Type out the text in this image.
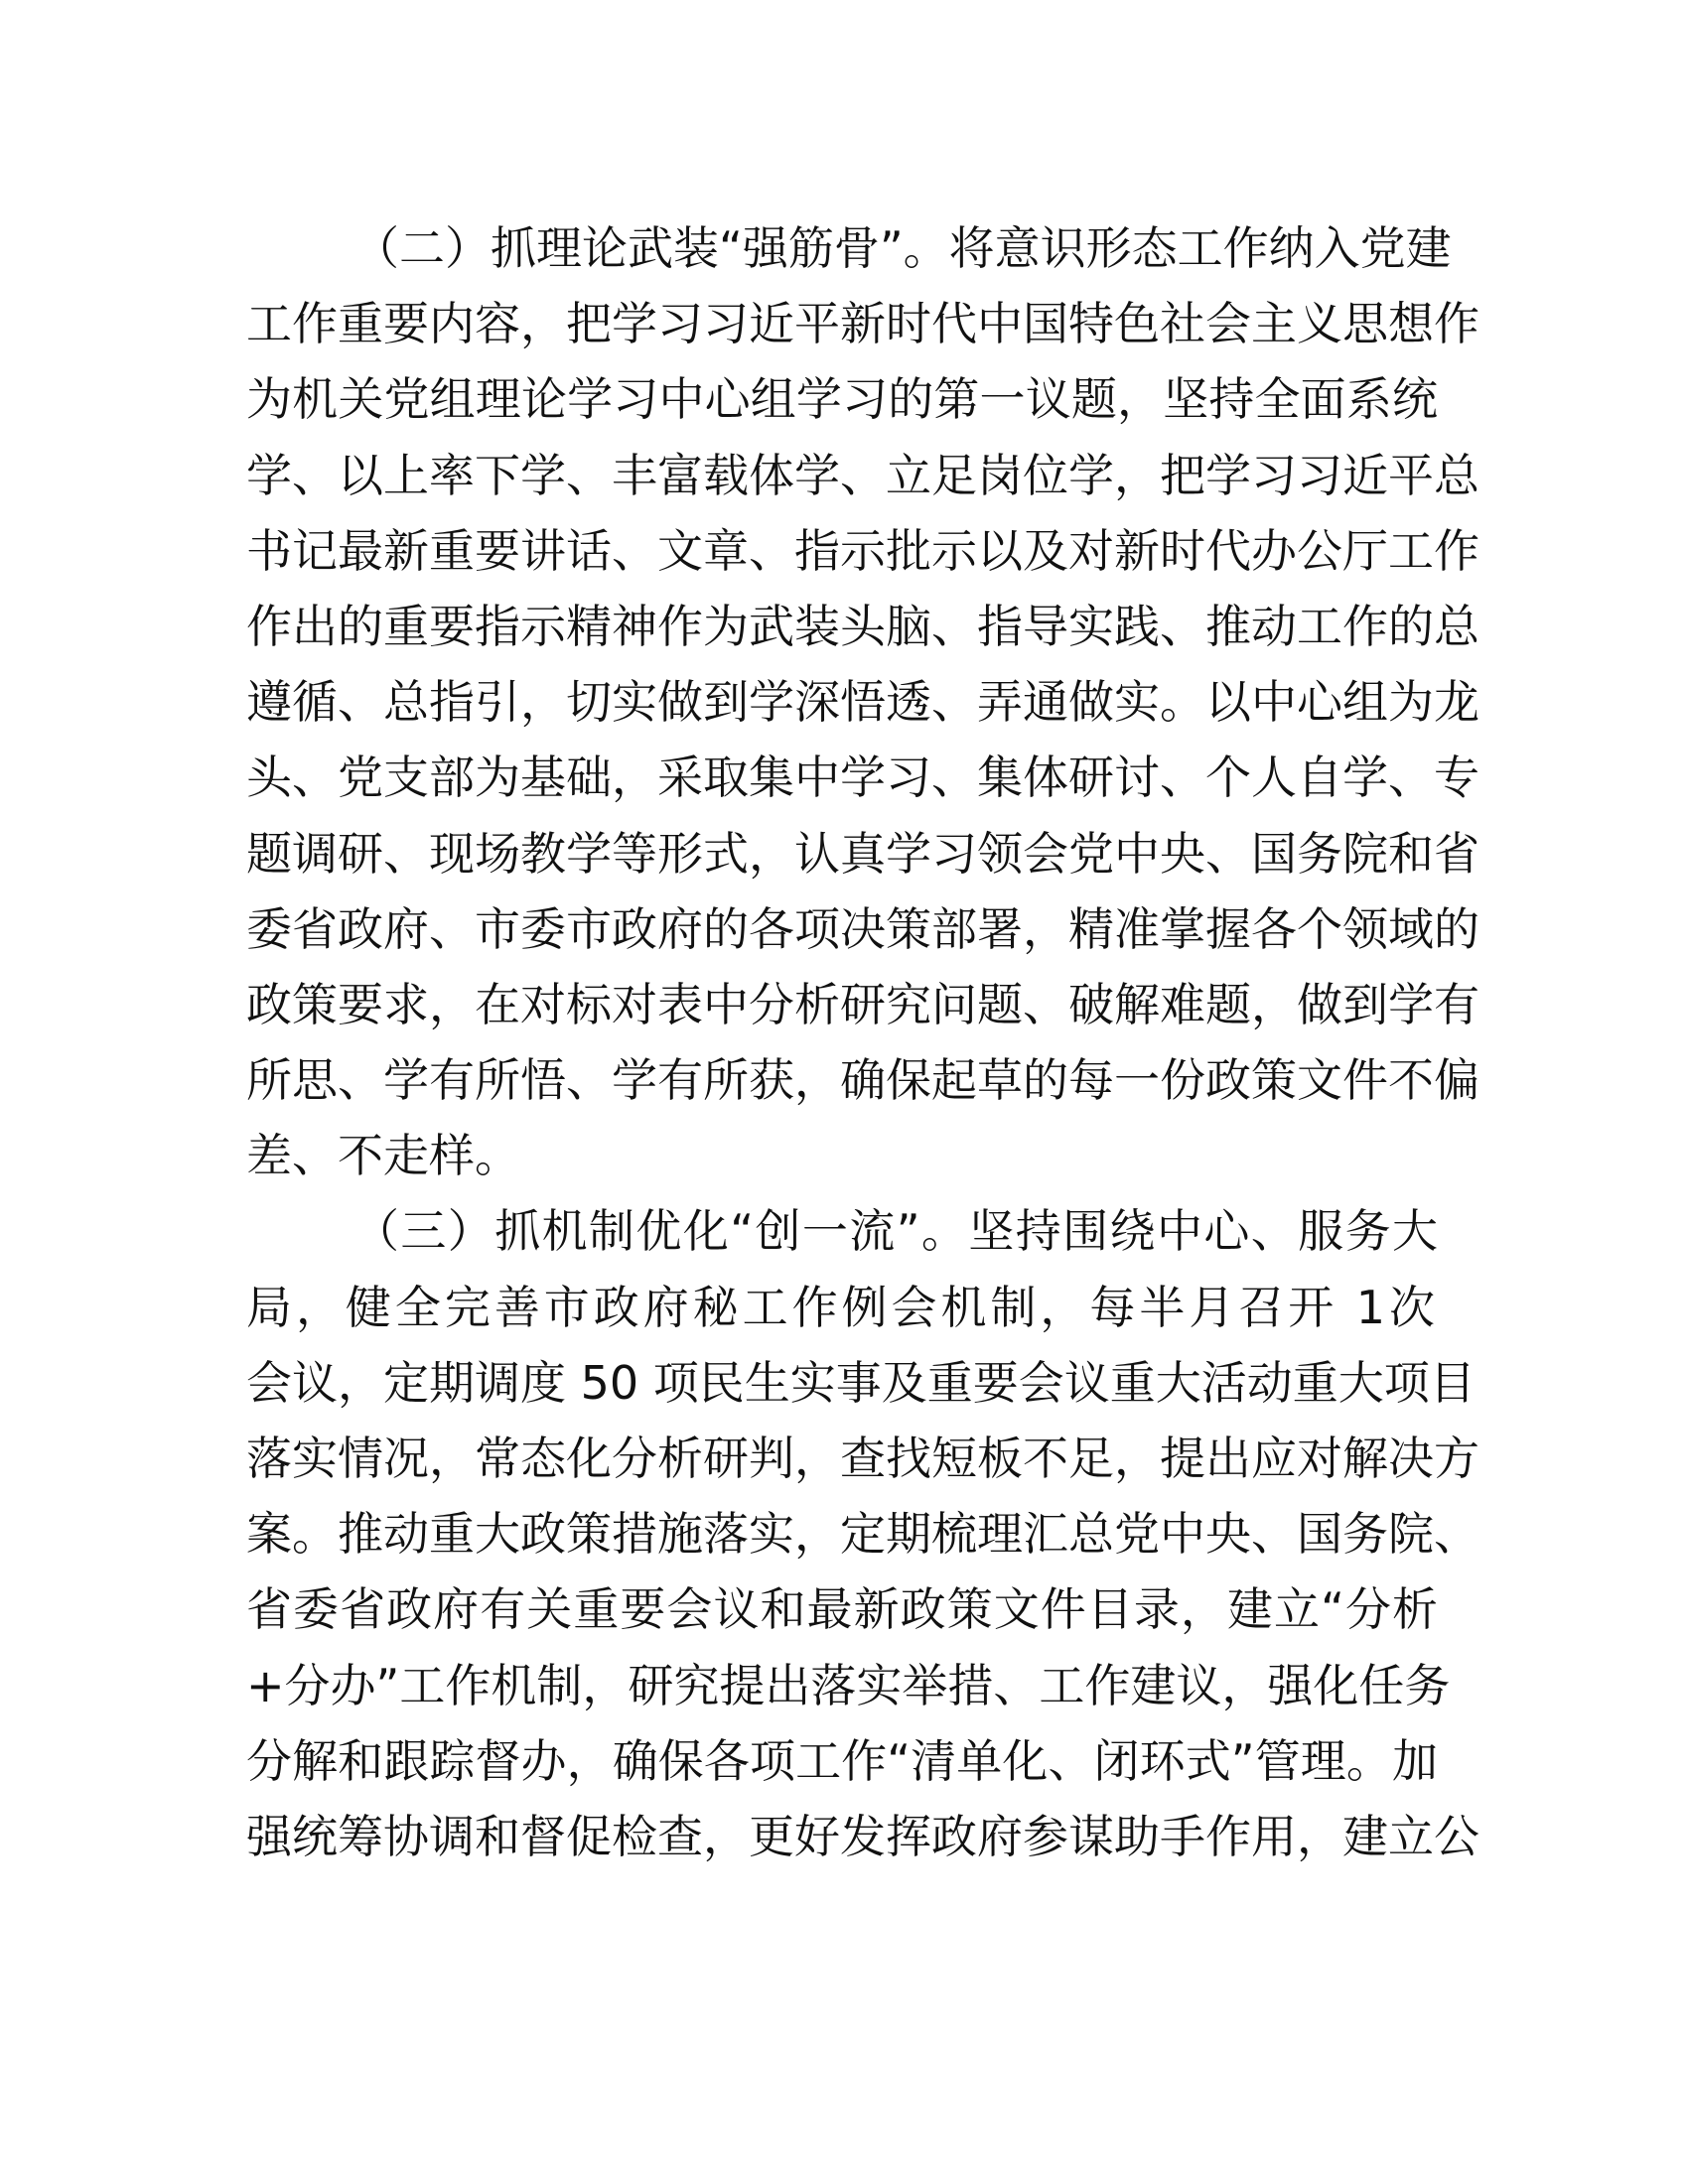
（二）抓理论武装“强筋骨”。将意识形态工作纳入党建
工作重要内容，把学习习近平新时代中国特色社会主义思想作
为机关党组理论学习中心组学习的第一议题，坚持全面系统
学、以上率下学、丰富载体学、立足岗位学，把学习习近平总
书记最新重要讲话、文章、指示批示以及对新时代办公厅工作
作出的重要指示精神作为武装头脑、指导实践、推动工作的总
遵循、总指引，切实做到学深悟透、弄通做实。以中心组为龙
头、党支部为基础，采取集中学习、集体研讨、个人自学、专
题调研、现场教学等形式，认真学习领会党中央、国务院和省
委省政府、市委市政府的各项决策部署，精准掌握各个领域的
政策要求，在对标对表中分析研究问题、破解难题，做到学有
所思、学有所悟、学有所获，确保起草的每一份政策文件不偏
差、不走样。
（三）抓机制优化“创一流”。坚持围绕中心、服务大
局，健全完善市政府秘工作例会机制，每半月召开 1次
会议，定期调度 50 项民生实事及重要会议重大活动重大项目
落实情况，常态化分析研判，查找短板不足，提出应对解决方
案。推动重大政策措施落实，定期梳理汇总党中央、国务院、
省委省政府有关重要会议和最新政策文件目录，建立“分析
+分办”工作机制，研究提出落实举措、工作建议，强化任务
分解和跟踪督办，确保各项工作“清单化、闭环式”管理。加
强统筹协调和督促检查，更好发挥政府参谋助手作用，建立公
